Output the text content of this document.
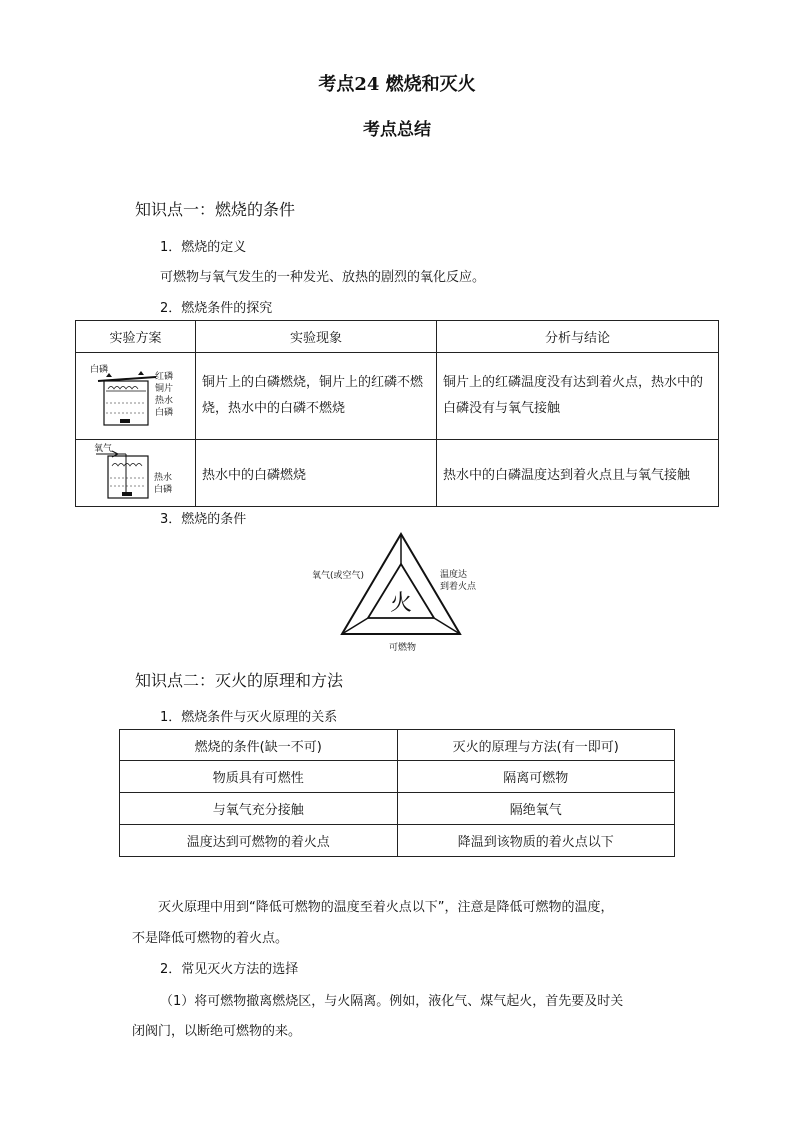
考点24 燃烧和灭火
考点总结
知识点一：燃烧的条件
1．燃烧的定义
可燃物与氧气发生的一种发光、放热的剧烈的氧化反应。
2．燃烧条件的探究
实验方案	实验现象	分析与结论

白磷
红磷
铜片
热水
白磷	铜片上的白磷燃烧，铜片上的红磷不燃烧，热水中的白磷不燃烧	铜片上的红磷温度没有达到着火点，热水中的白磷没有与氧气接触

氧气
热水
白磷	热水中的白磷燃烧	热水中的白磷温度达到着火点且与氧气接触
3．燃烧的条件
火
氧气(或空气)	温度达
到着火点
可燃物
知识点二：灭火的原理和方法
1．燃烧条件与灭火原理的关系
燃烧的条件(缺一不可)	灭火的原理与方法(有一即可)
物质具有可燃性	隔离可燃物
与氧气充分接触	隔绝氧气
温度达到可燃物的着火点	降温到该物质的着火点以下
灭火原理中用到“降低可燃物的温度至着火点以下”，注意是降低可燃物的温度，
不是降低可燃物的着火点。
2．常见灭火方法的选择
（1）将可燃物撤离燃烧区，与火隔离。例如，液化气、煤气起火，首先要及时关
闭阀门，以断绝可燃物的来。
